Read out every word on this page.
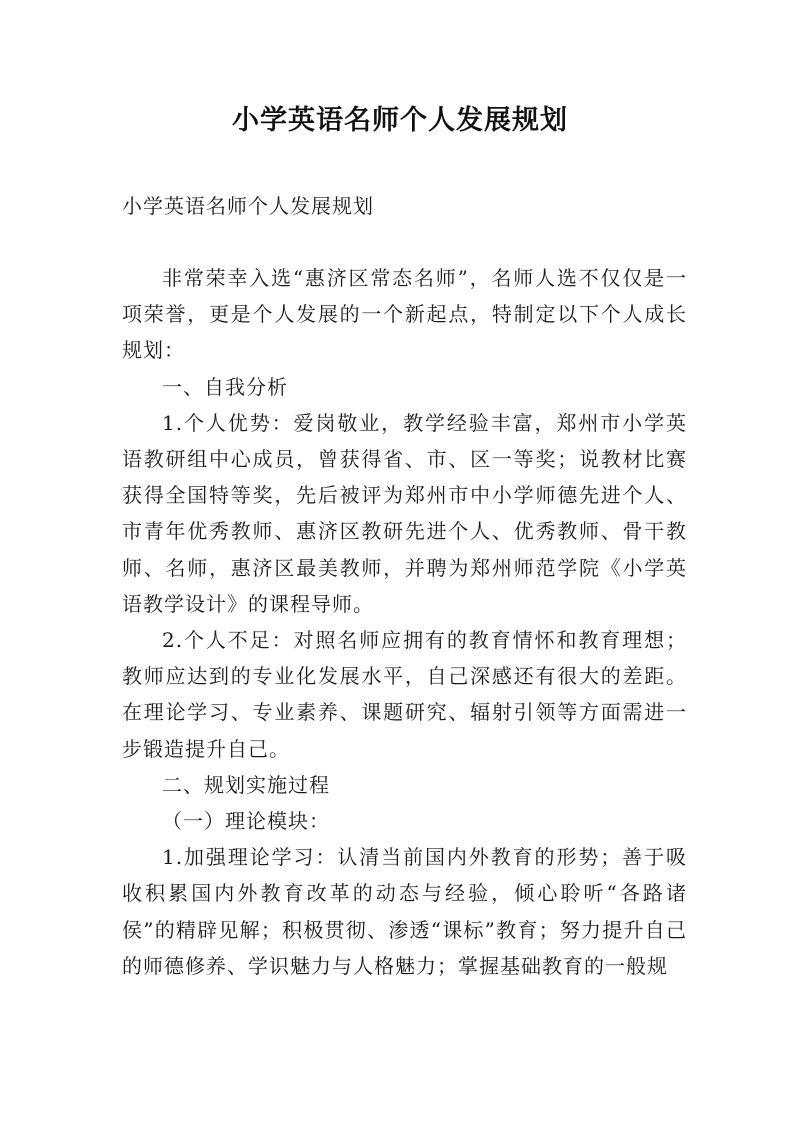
小学英语名师个人发展规划
小学英语名师个人发展规划

非常荣幸入选“惠济区常态名师”，名师人选不仅仅是一项荣誉，更是个人发展的一个新起点，特制定以下个人成长规划：

一、自我分析

1.个人优势：爱岗敬业，教学经验丰富，郑州市小学英语教研组中心成员，曾获得省、市、区一等奖；说教材比赛获得全国特等奖，先后被评为郑州市中小学师德先进个人、市青年优秀教师、惠济区教研先进个人、优秀教师、骨干教师、名师，惠济区最美教师，并聘为郑州师范学院《小学英语教学设计》的课程导师。

2.个人不足：对照名师应拥有的教育情怀和教育理想；教师应达到的专业化发展水平，自己深感还有很大的差距。在理论学习、专业素养、课题研究、辐射引领等方面需进一步锻造提升自己。

二、规划实施过程

（一）理论模块：

1.加强理论学习：认清当前国内外教育的形势；善于吸收积累国内外教育改革的动态与经验，倾心聆听“各路诸侯”的精辟见解；积极贯彻、渗透“课标”教育；努力提升自己的师德修养、学识魅力与人格魅力；掌握基础教育的一般规
